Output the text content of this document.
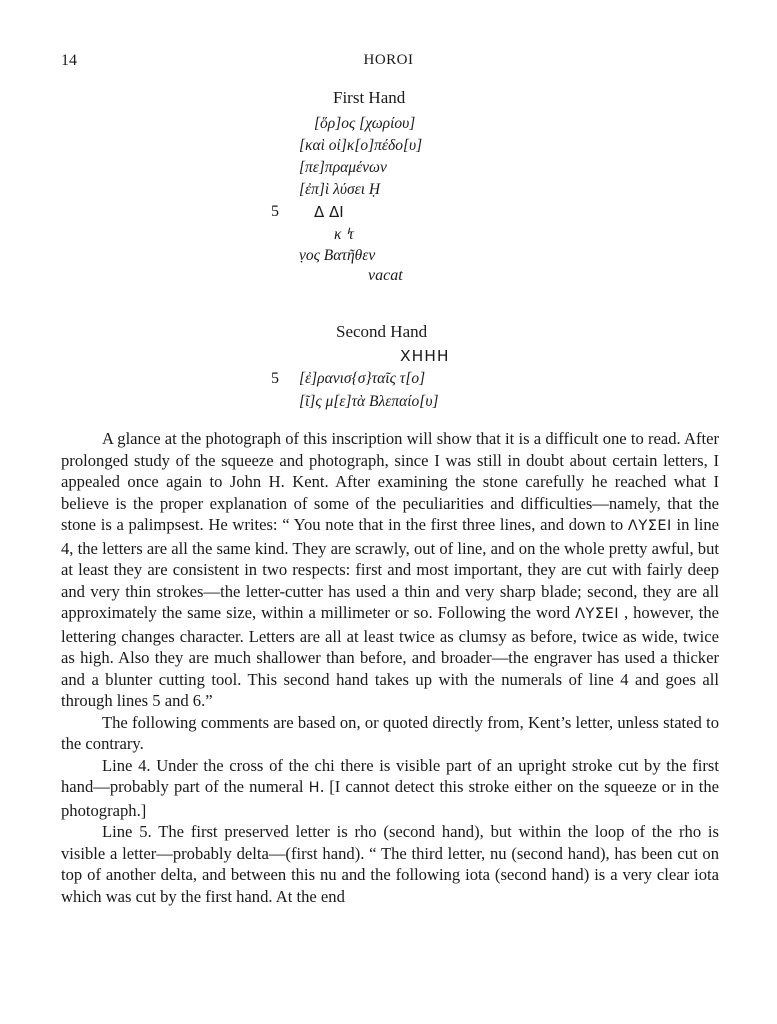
14	HOROI
First Hand
[ὅρ]ος [χωρίου]
[καὶ οἰ]κ[ο]πέδο[υ]
[πε]πραμένων
[ἐπ]ὶ λύσει Ḥ
5 Δ ΔΙ
κ ᑊτ
ṿος Βατῆθεν
vacat
Second Hand
XHHH
5 [ἐ]ρανισ{σ}ταῖς τ[ο]
[ῖ]ς μ[ε]τὰ Βλεπαίο[υ]

A glance at the photograph of this inscription will show that it is a difficult one to read. After prolonged study of the squeeze and photograph, since I was still in doubt about certain letters, I appealed once again to John H. Kent. After examining the stone carefully he reached what I believe is the proper explanation of some of the peculiarities and difficulties—namely, that the stone is a palimpsest. He writes: “ You note that in the first three lines, and down to ΛΥΣΕΙ in line 4, the letters are all the same kind. They are scrawly, out of line, and on the whole pretty awful, but at least they are consistent in two respects: first and most important, they are cut with fairly deep and very thin strokes—the letter-cutter has used a thin and very sharp blade; second, they are all approximately the same size, within a millimeter or so. Following the word ΛΥΣΕΙ , however, the lettering changes character. Letters are all at least twice as clumsy as before, twice as wide, twice as high. Also they are much shallower than before, and broader—the engraver has used a thicker and a blunter cutting tool. This second hand takes up with the numerals of line 4 and goes all through lines 5 and 6.”

The following comments are based on, or quoted directly from, Kent’s letter, unless stated to the contrary.

Line 4. Under the cross of the chi there is visible part of an upright stroke cut by the first hand—probably part of the numeral H. [I cannot detect this stroke either on the squeeze or in the photograph.]

Line 5. The first preserved letter is rho (second hand), but within the loop of the rho is visible a letter—probably delta—(first hand). “ The third letter, nu (second hand), has been cut on top of another delta, and between this nu and the following iota (second hand) is a very clear iota which was cut by the first hand. At the end
